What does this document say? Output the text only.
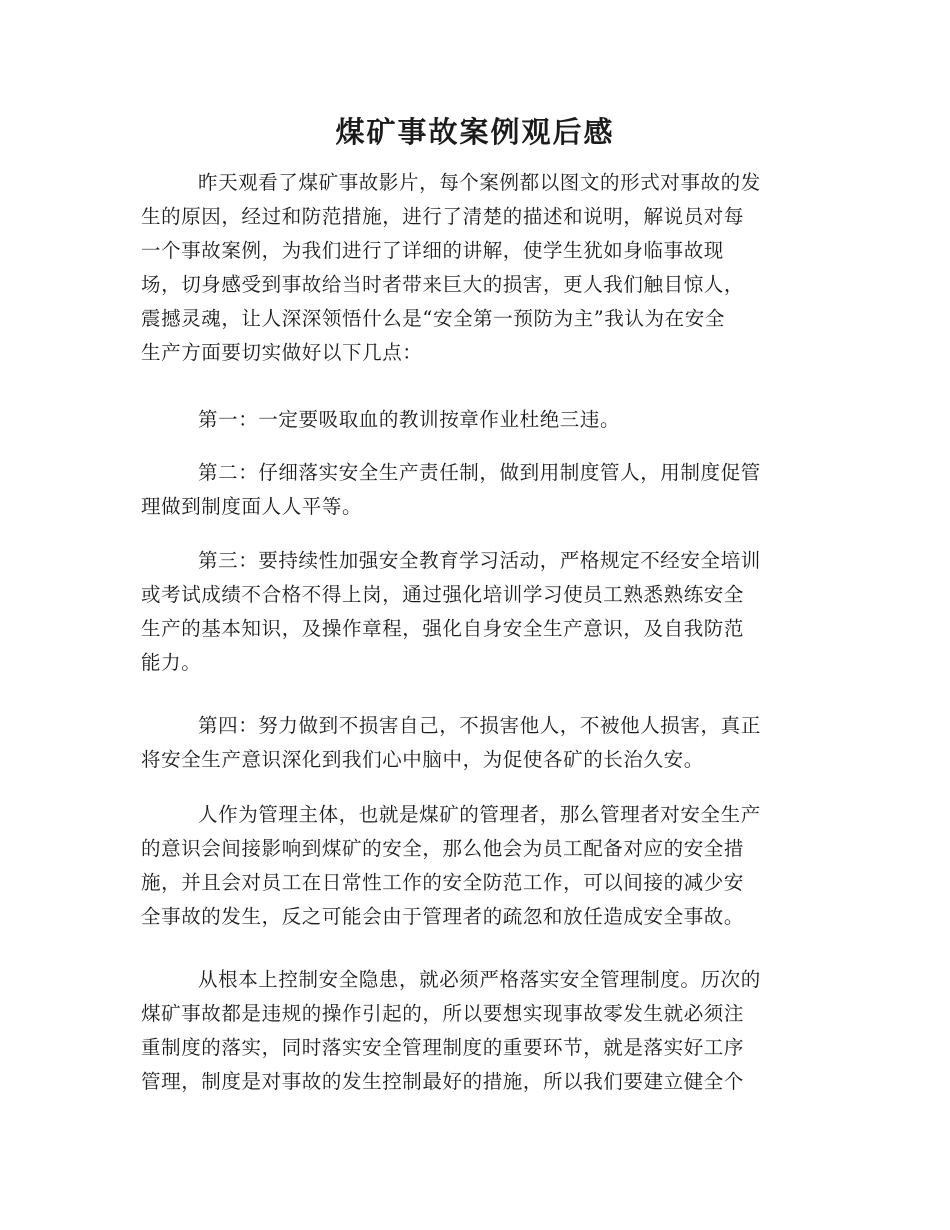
煤矿事故案例观后感
昨天观看了煤矿事故影片，每个案例都以图文的形式对事故的发
生的原因，经过和防范措施，进行了清楚的描述和说明，解说员对每
一个事故案例，为我们进行了详细的讲解，使学生犹如身临事故现
场，切身感受到事故给当时者带来巨大的损害，更人我们触目惊人，
震撼灵魂，让人深深领悟什么是“安全第一预防为主”我认为在安全
生产方面要切实做好以下几点：
第一：一定要吸取血的教训按章作业杜绝三违。
第二：仔细落实安全生产责任制，做到用制度管人，用制度促管
理做到制度面人人平等。
第三：要持续性加强安全教育学习活动，严格规定不经安全培训
或考试成绩不合格不得上岗，通过强化培训学习使员工熟悉熟练安全
生产的基本知识，及操作章程，强化自身安全生产意识，及自我防范
能力。
第四：努力做到不损害自己，不损害他人，不被他人损害，真正
将安全生产意识深化到我们心中脑中，为促使各矿的长治久安。
人作为管理主体，也就是煤矿的管理者，那么管理者对安全生产
的意识会间接影响到煤矿的安全，那么他会为员工配备对应的安全措
施，并且会对员工在日常性工作的安全防范工作，可以间接的减少安
全事故的发生，反之可能会由于管理者的疏忽和放任造成安全事故。
从根本上控制安全隐患，就必须严格落实安全管理制度。历次的
煤矿事故都是违规的操作引起的，所以要想实现事故零发生就必须注
重制度的落实，同时落实安全管理制度的重要环节，就是落实好工序
管理，制度是对事故的发生控制最好的措施，所以我们要建立健全个
